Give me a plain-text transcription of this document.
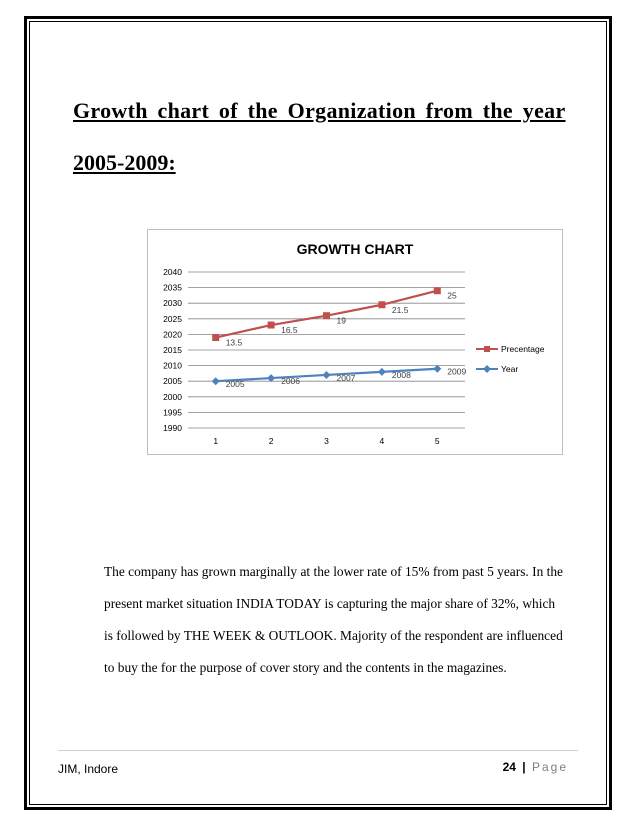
Growth chart of the Organization from the year
2005-2009:
GROWTH CHART
1990
1995
2000
2005
2010
2015
2020
2025
2030
2035
2040
1	2	3	4	5
13.5
16.5
19
21.5
25
2005	2006	2007	2008	2009
Precentage
Year
The company has grown marginally at the lower rate of 15% from past 5 years. In the
present market situation INDIA TODAY is capturing the major share of 32%, which
is followed by THE WEEK & OUTLOOK. Majority of the respondent are influenced
to buy the for the purpose of cover story and the contents in the magazines.
JIM, Indore	24 | Page
